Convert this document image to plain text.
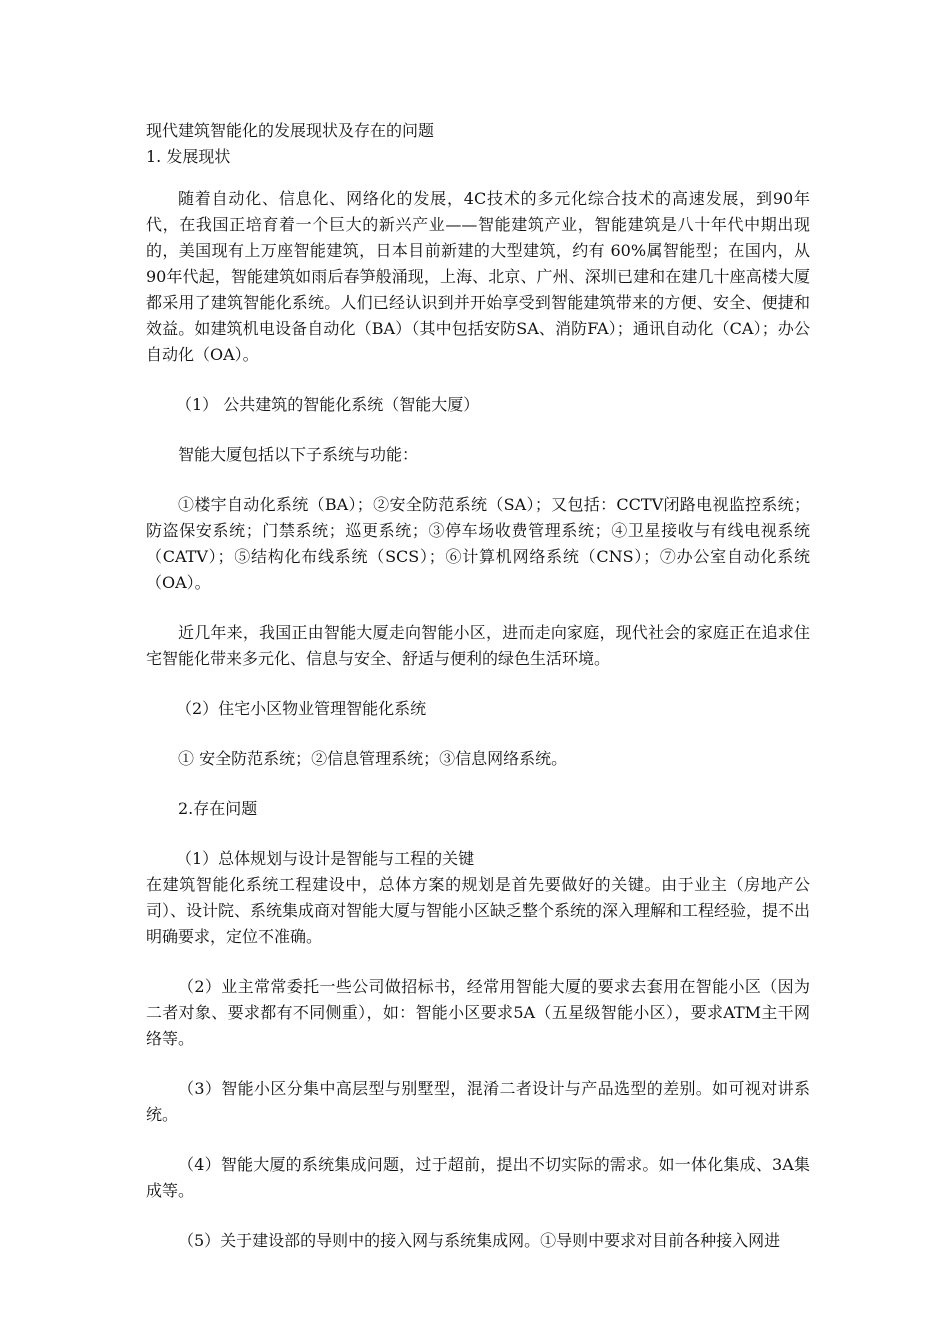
现代建筑智能化的发展现状及存在的问题
1. 发展现状
随着自动化、信息化、网络化的发展，4C技术的多元化综合技术的高速发展，到90年代，在我国正培育着一个巨大的新兴产业——智能建筑产业，智能建筑是八十年代中期出现的，美国现有上万座智能建筑，日本目前新建的大型建筑，约有 60%属智能型；在国内，从90年代起，智能建筑如雨后春笋般涌现，上海、北京、广州、深圳已建和在建几十座高楼大厦都采用了建筑智能化系统。人们已经认识到并开始享受到智能建筑带来的方便、安全、便捷和效益。如建筑机电设备自动化（BA）（其中包括安防SA、消防FA）；通讯自动化（CA）；办公自动化（OA）。
（1） 公共建筑的智能化系统（智能大厦）
智能大厦包括以下子系统与功能：
①楼宇自动化系统（BA）；②安全防范系统（SA）；又包括：CCTV闭路电视监控系统；防盗保安系统；门禁系统；巡更系统；③停车场收费管理系统；④卫星接收与有线电视系统（CATV）；⑤结构化布线系统（SCS）；⑥计算机网络系统（CNS）；⑦办公室自动化系统（OA）。
近几年来，我国正由智能大厦走向智能小区，进而走向家庭，现代社会的家庭正在追求住宅智能化带来多元化、信息与安全、舒适与便利的绿色生活环境。
（2）住宅小区物业管理智能化系统
① 安全防范系统；②信息管理系统；③信息网络系统。
2.存在问题
（1）总体规划与设计是智能与工程的关键
在建筑智能化系统工程建设中，总体方案的规划是首先要做好的关键。由于业主（房地产公司）、设计院、系统集成商对智能大厦与智能小区缺乏整个系统的深入理解和工程经验，提不出明确要求，定位不准确。
（2）业主常常委托一些公司做招标书，经常用智能大厦的要求去套用在智能小区（因为二者对象、要求都有不同侧重），如：智能小区要求5A（五星级智能小区），要求ATM主干网络等。
（3）智能小区分集中高层型与别墅型，混淆二者设计与产品选型的差别。如可视对讲系统。
（4）智能大厦的系统集成问题，过于超前，提出不切实际的需求。如一体化集成、3A集成等。
（5）关于建设部的导则中的接入网与系统集成网。①导则中要求对目前各种接入网进
